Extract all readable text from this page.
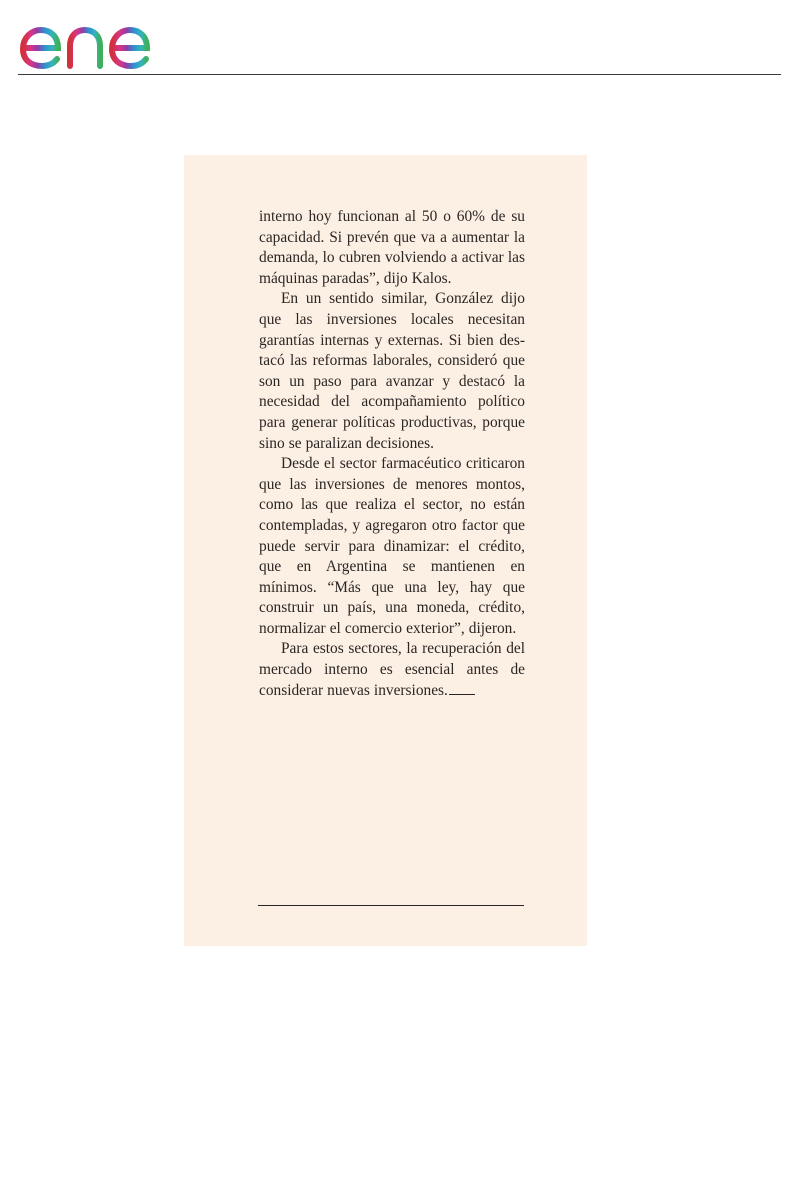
interno hoy funcionan al 50 o 60% de su capacidad. Si prevén que va a aumentar la demanda, lo cubren volviendo a activar las máquinas paradas”, dijo Kalos.

En un sentido similar, González dijo que las inversiones locales necesitan garantías internas y externas. Si bien destacó las reformas laborales, consideró que son un paso para avanzar y destacó la necesidad del acompañamiento político para generar políticas productivas, porque sino se paralizan decisiones.

Desde el sector farmacéutico criticaron que las inversiones de menores montos, como las que realiza el sector, no están contempladas, y agregaron otro factor que puede servir para dinamizar: el crédito, que en Argentina se mantienen en mínimos. “Más que una ley, hay que construir un país, una moneda, crédito, normalizar el comercio exterior”, dijeron.

Para estos sectores, la recuperación del mercado interno es esencial antes de considerar nuevas inversiones.
